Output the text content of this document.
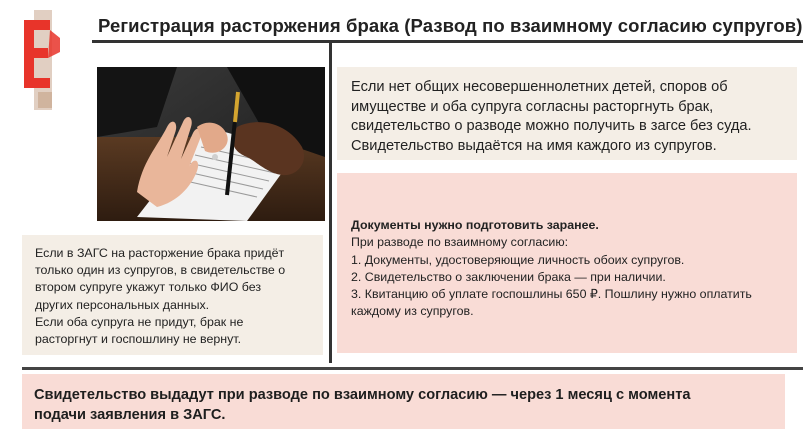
Регистрация расторжения брака (Развод по взаимному согласию супругов)
Если нет общих несовершеннолетних детей, споров об
имуществе и оба супруга согласны расторгнуть брак,
свидетельство о разводе можно получить в загсе без суда.
Свидетельство выдаётся на имя каждого из супругов.
Если в ЗАГС на расторжение брака придёт
только один из супругов, в свидетельстве о
втором супруге укажут только ФИО без
других персональных данных.
Если оба супруга не придут, брак не
расторгнут и госпошлину не вернут.
Документы нужно подготовить заранее.
При разводе по взаимному согласию:
1. Документы, удостоверяющие личность обоих супругов.
2. Свидетельство о заключении брака — при наличии.
3. Квитанцию об уплате госпошлины 650 ₽. Пошлину нужно оплатить
каждому из супругов.
Свидетельство выдадут при разводе по взаимному согласию — через 1 месяц с момента
подачи заявления в ЗАГС.
